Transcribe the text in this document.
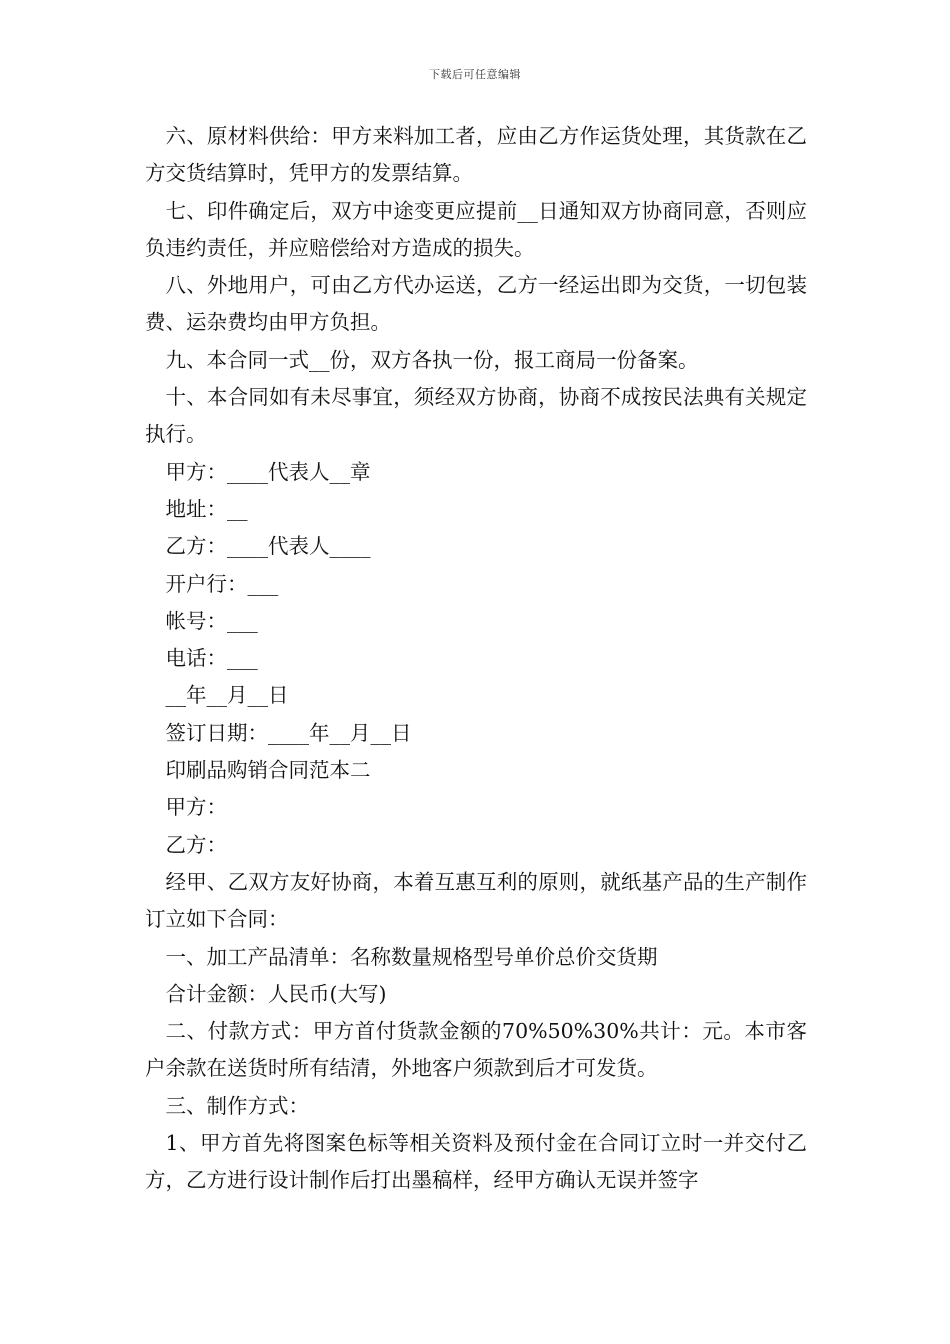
下载后可任意编辑

六、原材料供给：甲方来料加工者，应由乙方作运货处理，其货款在乙方交货结算时，凭甲方的发票结算。

七、印件确定后，双方中途变更应提前__日通知双方协商同意，否则应负违约责任，并应赔偿给对方造成的损失。

八、外地用户，可由乙方代办运送，乙方一经运出即为交货，一切包装费、运杂费均由甲方负担。

九、本合同一式__份，双方各执一份，报工商局一份备案。

十、本合同如有未尽事宜，须经双方协商，协商不成按民法典有关规定执行。

甲方：____代表人__章

地址：__

乙方：____代表人____

开户行：___

帐号：___

电话：___

__年__月__日

签订日期：____年__月__日

印刷品购销合同范本二

甲方：

乙方：

经甲、乙双方友好协商，本着互惠互利的原则，就纸基产品的生产制作订立如下合同：

一、加工产品清单：名称数量规格型号单价总价交货期

合计金额：人民币(大写)

二、付款方式：甲方首付货款金额的70%50%30%共计：元。本市客户余款在送货时所有结清，外地客户须款到后才可发货。

三、制作方式：

1、甲方首先将图案色标等相关资料及预付金在合同订立时一并交付乙方，乙方进行设计制作后打出墨稿样，经甲方确认无误并签字
